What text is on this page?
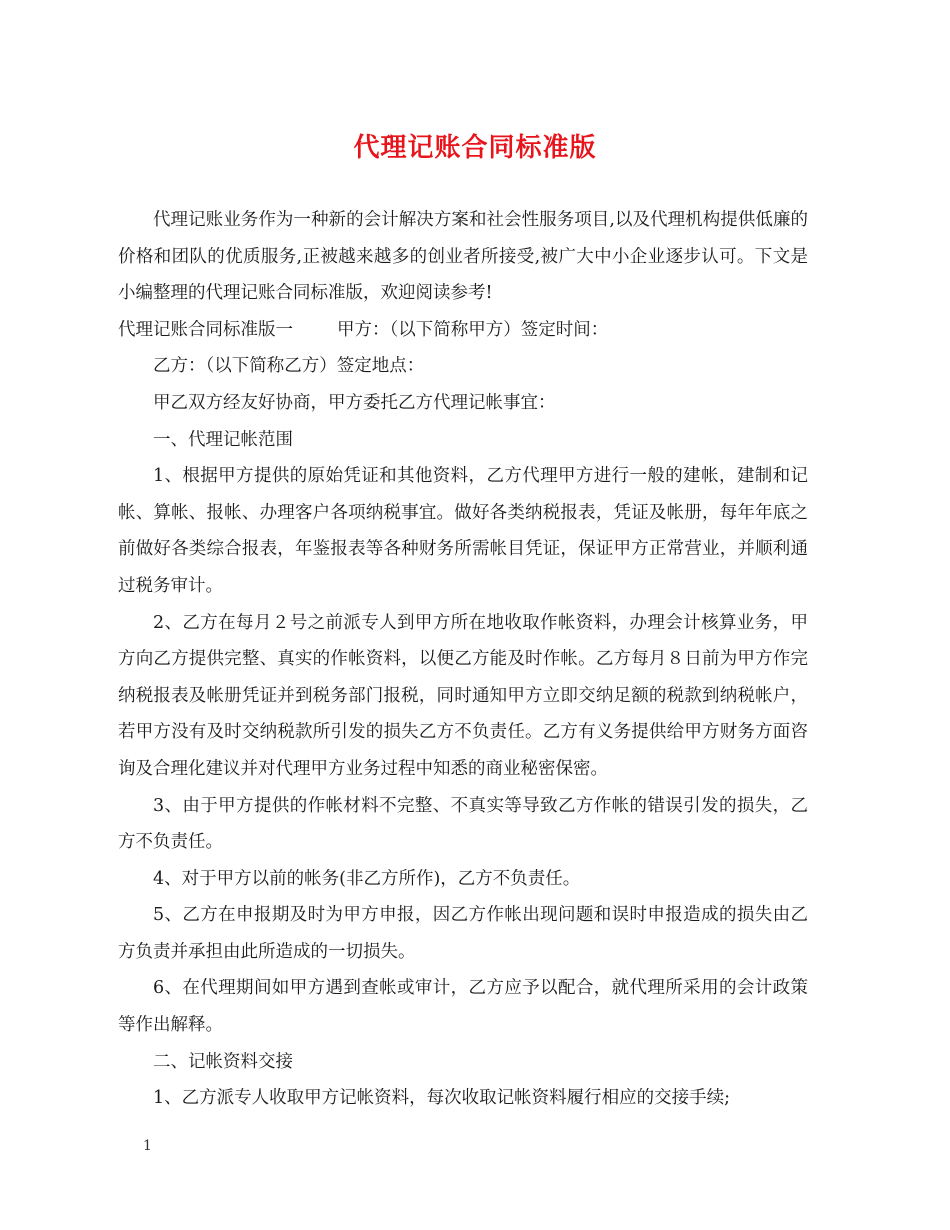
代理记账合同标准版

代理记账业务作为一种新的会计解决方案和社会性服务项目,以及代理机构提供低廉的价格和团队的优质服务,正被越来越多的创业者所接受,被广大中小企业逐步认可。下文是小编整理的代理记账合同标准版，欢迎阅读参考!

代理记账合同标准版一	甲方：（以下简称甲方）签定时间：

乙方：（以下简称乙方）签定地点：

甲乙双方经友好协商，甲方委托乙方代理记帐事宜：

一、代理记帐范围

1、根据甲方提供的原始凭证和其他资料，乙方代理甲方进行一般的建帐，建制和记帐、算帐、报帐、办理客户各项纳税事宜。做好各类纳税报表，凭证及帐册，每年年底之前做好各类综合报表，年鉴报表等各种财务所需帐目凭证，保证甲方正常营业，并顺利通过税务审计。

2、乙方在每月２号之前派专人到甲方所在地收取作帐资料，办理会计核算业务，甲方向乙方提供完整、真实的作帐资料，以便乙方能及时作帐。乙方每月８日前为甲方作完纳税报表及帐册凭证并到税务部门报税，同时通知甲方立即交纳足额的税款到纳税帐户，若甲方没有及时交纳税款所引发的损失乙方不负责任。乙方有义务提供给甲方财务方面咨询及合理化建议并对代理甲方业务过程中知悉的商业秘密保密。

3、由于甲方提供的作帐材料不完整、不真实等导致乙方作帐的错误引发的损失，乙方不负责任。

4、对于甲方以前的帐务(非乙方所作)，乙方不负责任。

5、乙方在申报期及时为甲方申报，因乙方作帐出现问题和误时申报造成的损失由乙方负责并承担由此所造成的一切损失。

6、在代理期间如甲方遇到查帐或审计，乙方应予以配合，就代理所采用的会计政策等作出解释。

二、记帐资料交接

1、乙方派专人收取甲方记帐资料，每次收取记帐资料履行相应的交接手续;

1
